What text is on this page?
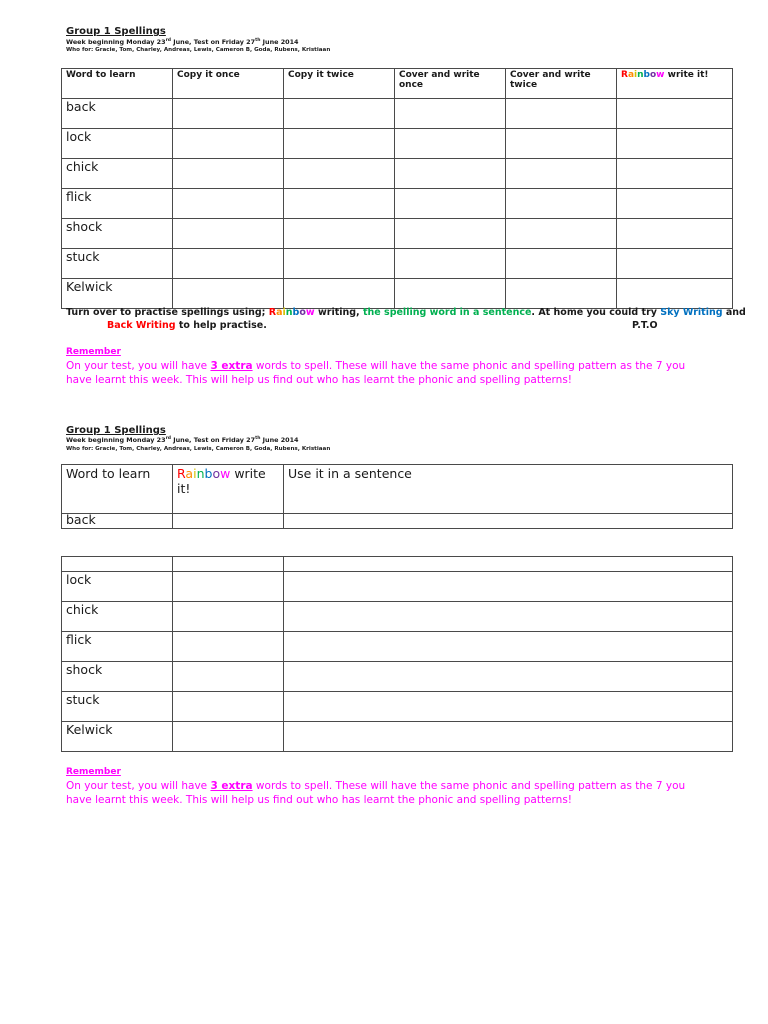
Group 1 Spellings
Week beginning Monday 23rd June, Test on Friday 27th June 2014
Who for: Gracie, Tom, Charley, Andreas, Lewis, Cameron B, Goda, Rubens, Kristiaan
Word to learn	Copy it once	Copy it twice	Cover and write once	Cover and write twice	Rainbow write it!
back					
lock					
chick					
flick					
shock					
stuck					
Kelwick					
Turn over to practise spellings using; Rainbow writing, the spelling word in a sentence. At home you could try Sky Writing and
Back Writing to help practise.	P.T.O
Remember
On your test, you will have 3 extra words to spell. These will have the same phonic and spelling pattern as the 7 you have learnt this week. This will help us find out who has learnt the phonic and spelling patterns!
Group 1 Spellings
Week beginning Monday 23rd June, Test on Friday 27th June 2014
Who for: Gracie, Tom, Charley, Andreas, Lewis, Cameron B, Goda, Rubens, Kristiaan
Word to learn	Rainbow write it!	Use it in a sentence
back		

lock		
chick		
flick		
shock		
stuck		
Kelwick		
Remember
On your test, you will have 3 extra words to spell. These will have the same phonic and spelling pattern as the 7 you have learnt this week. This will help us find out who has learnt the phonic and spelling patterns!
